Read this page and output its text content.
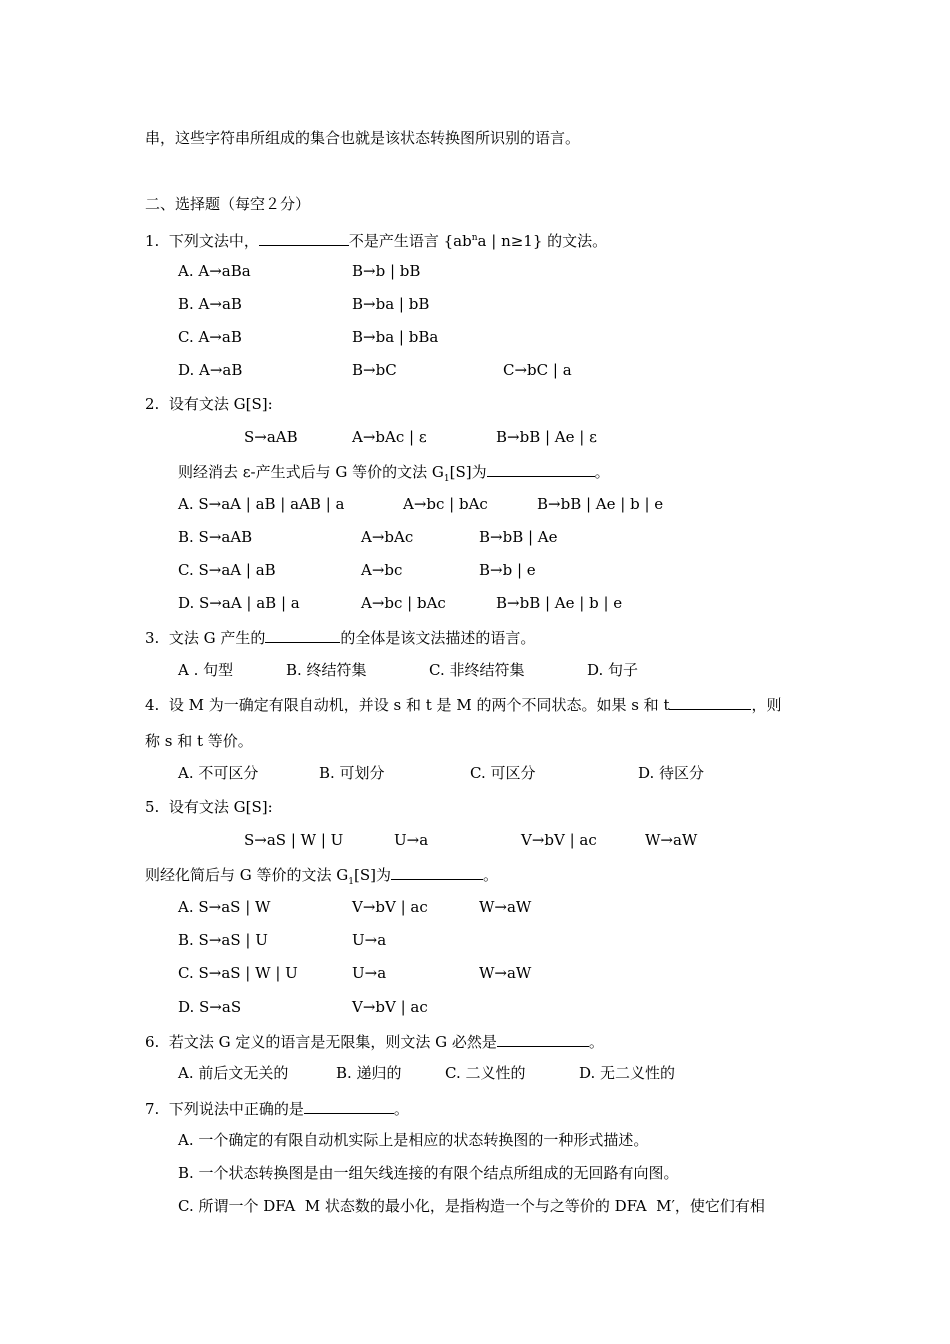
串，这些字符串所组成的集合也就是该状态转换图所识别的语言。
二、选择题（每空２分）
1. 下列文法中，	不是产生语言 {$ab^na$ | n≥1} 的文法。
A. A→aBa	B→b | bB
B. A→aB	B→ba | bB
C. A→aB	B→ba | bBa
D. A→aB	B→bC	C→bC | a
2. 设有文法 G[S]:
S→aAB	A→bAc | ε	B→bB | Ae | ε
则经消去 ε-产生式后与 G 等价的文法 $G_1[S]$为	。
A. S→aA | aB | aAB | a	A→bc | bAc	B→bB | Ae | b | e
B. S→aAB	A→bAc	B→bB | Ae
C. S→aA | aB	A→bc	B→b | e
D. S→aA | aB | a	A→bc | bAc	B→bB | Ae | b | e
3. 文法 G 产生的	的全体是该文法描述的语言。
A . 句型	B. 终结符集	C. 非终结符集	D. 句子
4. 设 M 为一确定有限自动机，并设 s 和 t 是 M 的两个不同状态。如果 s 和 t	，则
称 s 和 t 等价。
A. 不可区分	B. 可划分	C. 可区分	D. 待区分
5. 设有文法 G[S]:
S→aS | W | U	U→a	V→bV | ac	W→aW
则经化简后与 G 等价的文法 $G_1[S]$为	。
A. S→aS | W	V→bV | ac	W→aW
B. S→aS | U	U→a
C. S→aS | W | U	U→a	W→aW
D. S→aS	V→bV | ac
6. 若文法 G 定义的语言是无限集，则文法 G 必然是	。
A. 前后文无关的	B. 递归的	C. 二义性的	D. 无二义性的
7. 下列说法中正确的是	。
A. 一个确定的有限自动机实际上是相应的状态转换图的一种形式描述。
B. 一个状态转换图是由一组矢线连接的有限个结点所组成的无回路有向图。
C. 所谓一个 DFA  M 状态数的最小化，是指构造一个与之等价的 DFA  M′，使它们有相
